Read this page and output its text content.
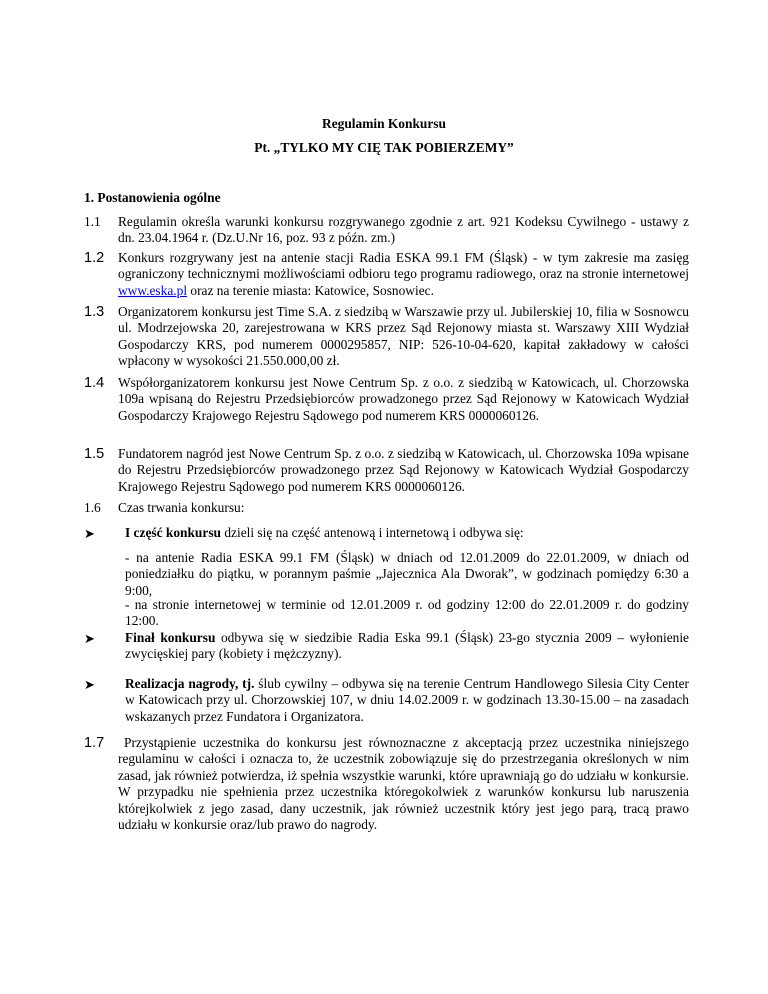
Regulamin Konkursu
Pt. „TYLKO MY CIĘ TAK POBIERZEMY”
1. Postanowienia ogólne
1.1 Regulamin określa warunki konkursu rozgrywanego zgodnie z art. 921 Kodeksu Cywilnego - ustawy z dn. 23.04.1964 r. (Dz.U.Nr 16, poz. 93 z późn. zm.)
1.2 Konkurs rozgrywany jest na antenie stacji Radia ESKA 99.1 FM (Śląsk) - w tym zakresie ma zasięg ograniczony technicznymi możliwościami odbioru tego programu radiowego, oraz na stronie internetowej www.eska.pl oraz na terenie miasta: Katowice, Sosnowiec.
1.3 Organizatorem konkursu jest Time S.A. z siedzibą w Warszawie przy ul. Jubilerskiej 10, filia w Sosnowcu ul. Modrzejowska 20, zarejestrowana w KRS przez Sąd Rejonowy miasta st. Warszawy XIII Wydział Gospodarczy KRS, pod numerem 0000295857, NIP: 526-10-04-620, kapitał zakładowy w całości wpłacony w wysokości 21.550.000,00 zł.
1.4 Współorganizatorem konkursu jest Nowe Centrum Sp. z o.o. z siedzibą w Katowicach, ul. Chorzowska 109a wpisaną do Rejestru Przedsiębiorców prowadzonego przez Sąd Rejonowy w Katowicach Wydział Gospodarczy Krajowego Rejestru Sądowego pod numerem KRS 0000060126.
1.5 Fundatorem nagród jest Nowe Centrum Sp. z o.o. z siedzibą w Katowicach, ul. Chorzowska 109a wpisane do Rejestru Przedsiębiorców prowadzonego przez Sąd Rejonowy w Katowicach Wydział Gospodarczy Krajowego Rejestru Sądowego pod numerem KRS 0000060126.
1.6 Czas trwania konkursu:
➤ I część konkursu dzieli się na część antenową i internetową i odbywa się:
- na antenie Radia ESKA 99.1 FM (Śląsk) w dniach od 12.01.2009 do 22.01.2009, w dniach od poniedziałku do piątku, w porannym paśmie „Jajecznica Ala Dworak”, w godzinach pomiędzy 6:30 a 9:00,
- na stronie internetowej w terminie od 12.01.2009 r. od godziny 12:00 do 22.01.2009 r. do godziny 12:00.
➤ Finał konkursu odbywa się w siedzibie Radia Eska 99.1 (Śląsk) 23-go stycznia 2009 – wyłonienie zwycięskiej pary (kobiety i mężczyzny).
➤ Realizacja nagrody, tj. ślub cywilny – odbywa się na terenie Centrum Handlowego Silesia City Center w Katowicach przy ul. Chorzowskiej 107, w dniu 14.02.2009 r. w godzinach 13.30-15.00 – na zasadach wskazanych przez Fundatora i Organizatora.
1.7	Przystąpienie uczestnika do konkursu jest równoznaczne z akceptacją przez uczestnika niniejszego regulaminu w całości i oznacza to, że uczestnik zobowiązuje się do przestrzegania określonych w nim zasad, jak również potwierdza, iż spełnia wszystkie warunki, które uprawniają go do udziału w konkursie. W przypadku nie spełnienia przez uczestnika któregokolwiek z warunków konkursu lub naruszenia którejkolwiek z jego zasad, dany uczestnik, jak również uczestnik który jest jego parą, tracą prawo udziału w konkursie oraz/lub prawo do nagrody.
